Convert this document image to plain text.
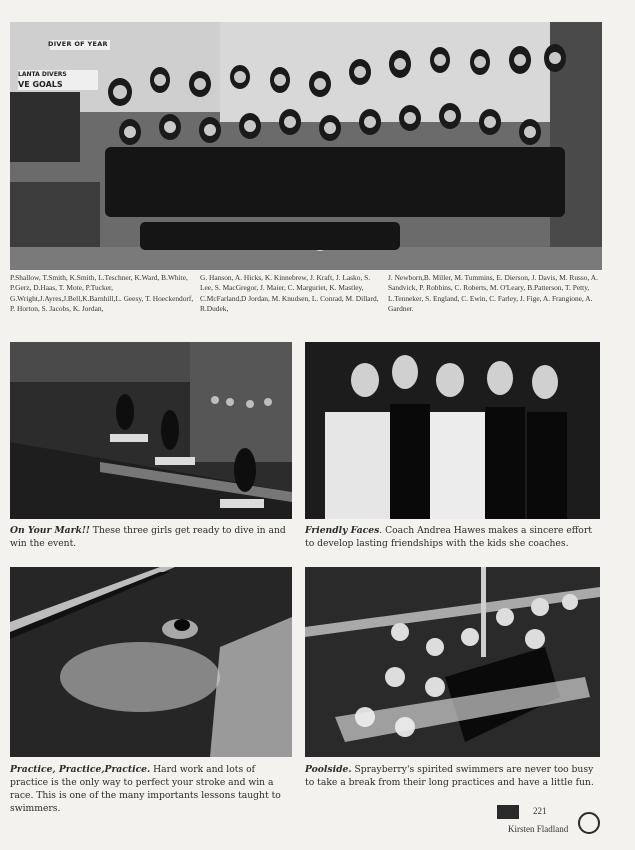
DIVER OF YEAR
LANTA DIVERS
VE GOALS
P.Shallow, T.Smith, K.Smith, L.Teschner, K.Ward, B.White, P.Gerz, D.Haas, T. Mote, P.Tucker, G.Wright,J.Ayres,J.Bell,K.Barnhill,L. Geesy, T. Hoeckendorf, P. Horton, S. Jacobs, K. Jordan,
G. Hanson, A. Hicks, K. Kinnebrew, J. Kraft, J. Lasko, S. Lee, S. MacGregor, J. Maier, C. Marguriet, K. Mastley, C.McFarland,D Jordan, M. Knudsen, L. Conrad, M. Dillard, R.Dudek,
J. Newborn,B. Miller, M. Tummins, E. Dierson, J. Davis, M. Russo, A. Sandvick, P. Robbins, C. Roberts, M. O'Leary, B.Patterson, T. Petty, L.Tenneker, S. England, C. Ewin, C. Farley, J. Fige, A. Frangione, A. Gardner.
On Your Mark!! These three girls get ready to dive in and win the event.
Friendly Faces. Coach Andrea Hawes makes a sincere effort to develop lasting friendships with the kids she coaches.
Practice, Practice,Practice. Hard work and lots of practice is the only way to perfect your stroke and win a race. This is one of the many importants lessons taught to swimmers.
Poolside. Sprayberry's spirited swimmers are never too busy to take a break from their long practices and have a little fun.
221
Kirsten Fladland
